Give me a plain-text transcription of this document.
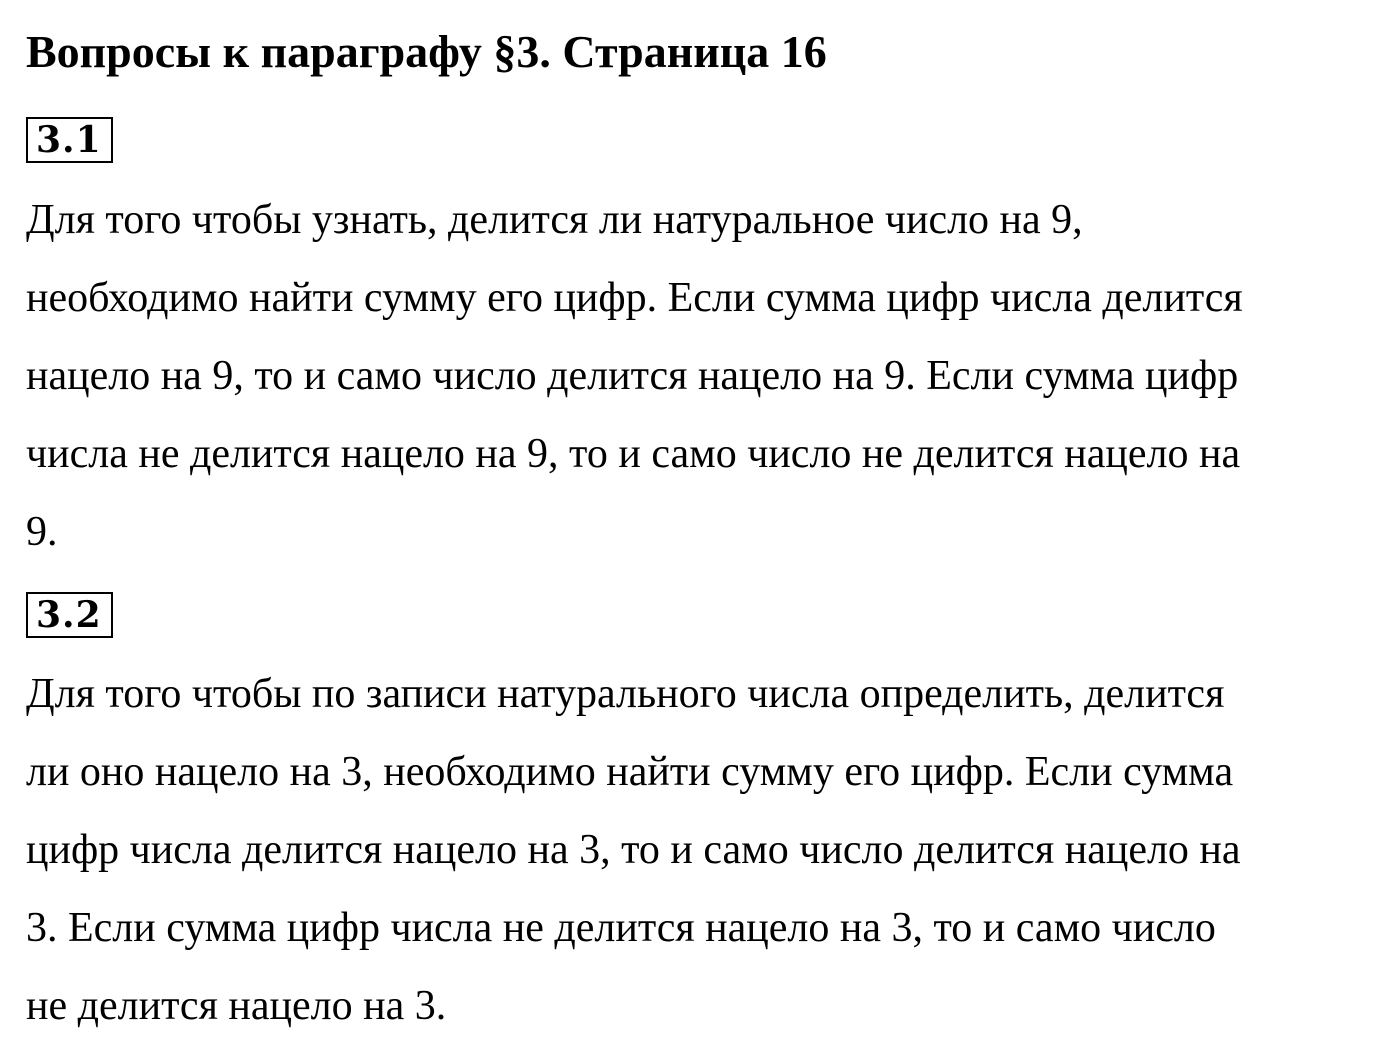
Вопросы к параграфу §3. Страница 16
3.1

Для того чтобы узнать, делится ли натуральное число на 9,
необходимо найти сумму его цифр. Если сумма цифр числа делится
нацело на 9, то и само число делится нацело на 9. Если сумма цифр
числа не делится нацело на 9, то и само число не делится нацело на
9.

3.2

Для того чтобы по записи натурального числа определить, делится
ли оно нацело на 3, необходимо найти сумму его цифр. Если сумма
цифр числа делится нацело на 3, то и само число делится нацело на
3. Если сумма цифр числа не делится нацело на 3, то и само число
не делится нацело на 3.
